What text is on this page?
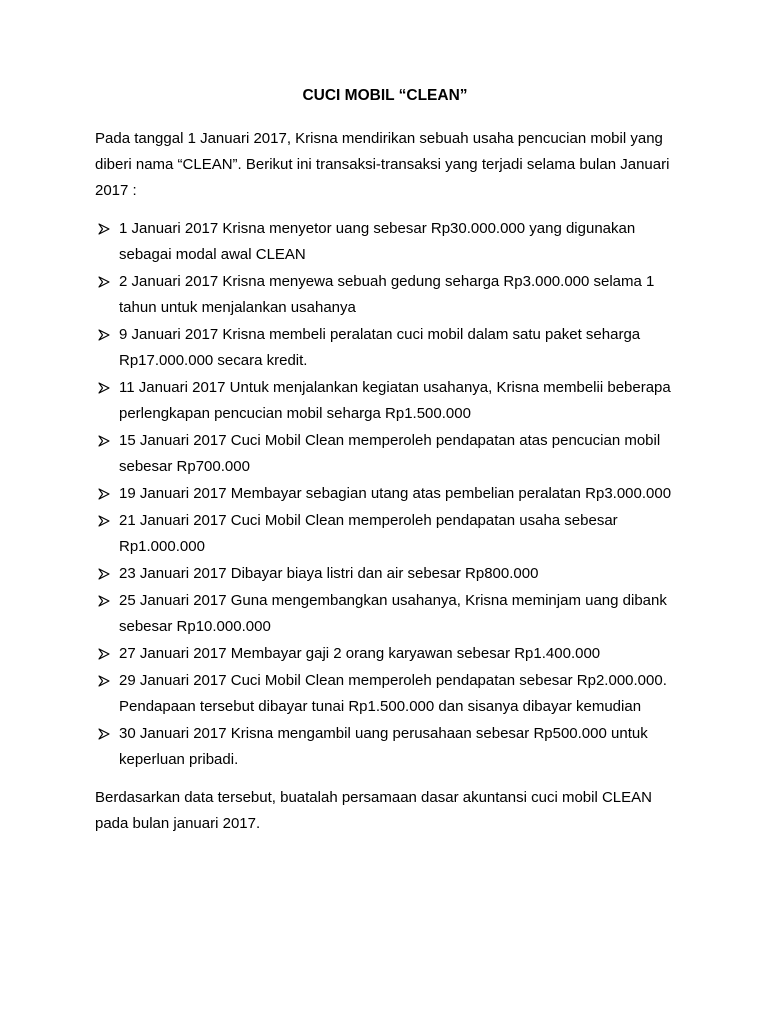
CUCI MOBIL “CLEAN”

Pada tanggal 1 Januari 2017, Krisna mendirikan sebuah usaha pencucian mobil yang diberi nama “CLEAN”. Berikut ini transaksi-transaksi yang terjadi selama bulan Januari 2017 :

1 Januari 2017 Krisna menyetor uang sebesar Rp30.000.000 yang digunakan sebagai modal awal CLEAN
2 Januari 2017 Krisna menyewa sebuah gedung seharga Rp3.000.000 selama 1 tahun untuk menjalankan usahanya
9 Januari 2017 Krisna membeli peralatan cuci mobil dalam satu paket seharga Rp17.000.000 secara kredit.
11 Januari 2017 Untuk menjalankan kegiatan usahanya, Krisna membelii beberapa perlengkapan pencucian mobil seharga Rp1.500.000
15 Januari 2017 Cuci Mobil Clean memperoleh pendapatan atas pencucian mobil sebesar Rp700.000
19 Januari 2017 Membayar sebagian utang atas pembelian peralatan Rp3.000.000
21 Januari 2017 Cuci Mobil Clean memperoleh pendapatan usaha sebesar Rp1.000.000
23 Januari 2017 Dibayar biaya listri dan air sebesar Rp800.000
25 Januari 2017 Guna mengembangkan usahanya, Krisna meminjam uang dibank sebesar Rp10.000.000
27 Januari 2017 Membayar gaji 2 orang karyawan sebesar Rp1.400.000
29 Januari 2017 Cuci Mobil Clean memperoleh pendapatan sebesar Rp2.000.000. Pendapaan tersebut dibayar tunai Rp1.500.000 dan sisanya dibayar kemudian
30 Januari 2017 Krisna mengambil uang perusahaan sebesar Rp500.000 untuk keperluan pribadi.

Berdasarkan data tersebut, buatalah persamaan dasar akuntansi cuci mobil CLEAN pada bulan januari 2017.
